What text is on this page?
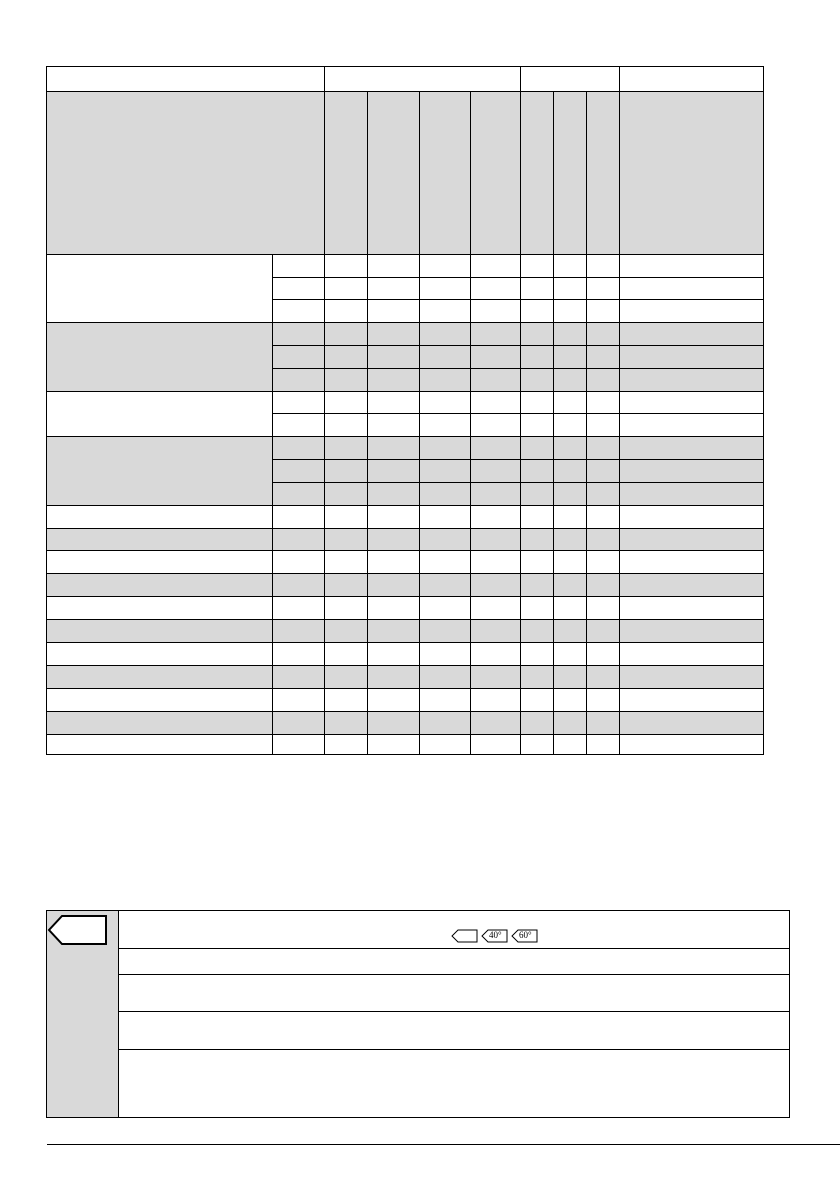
40° 60°
